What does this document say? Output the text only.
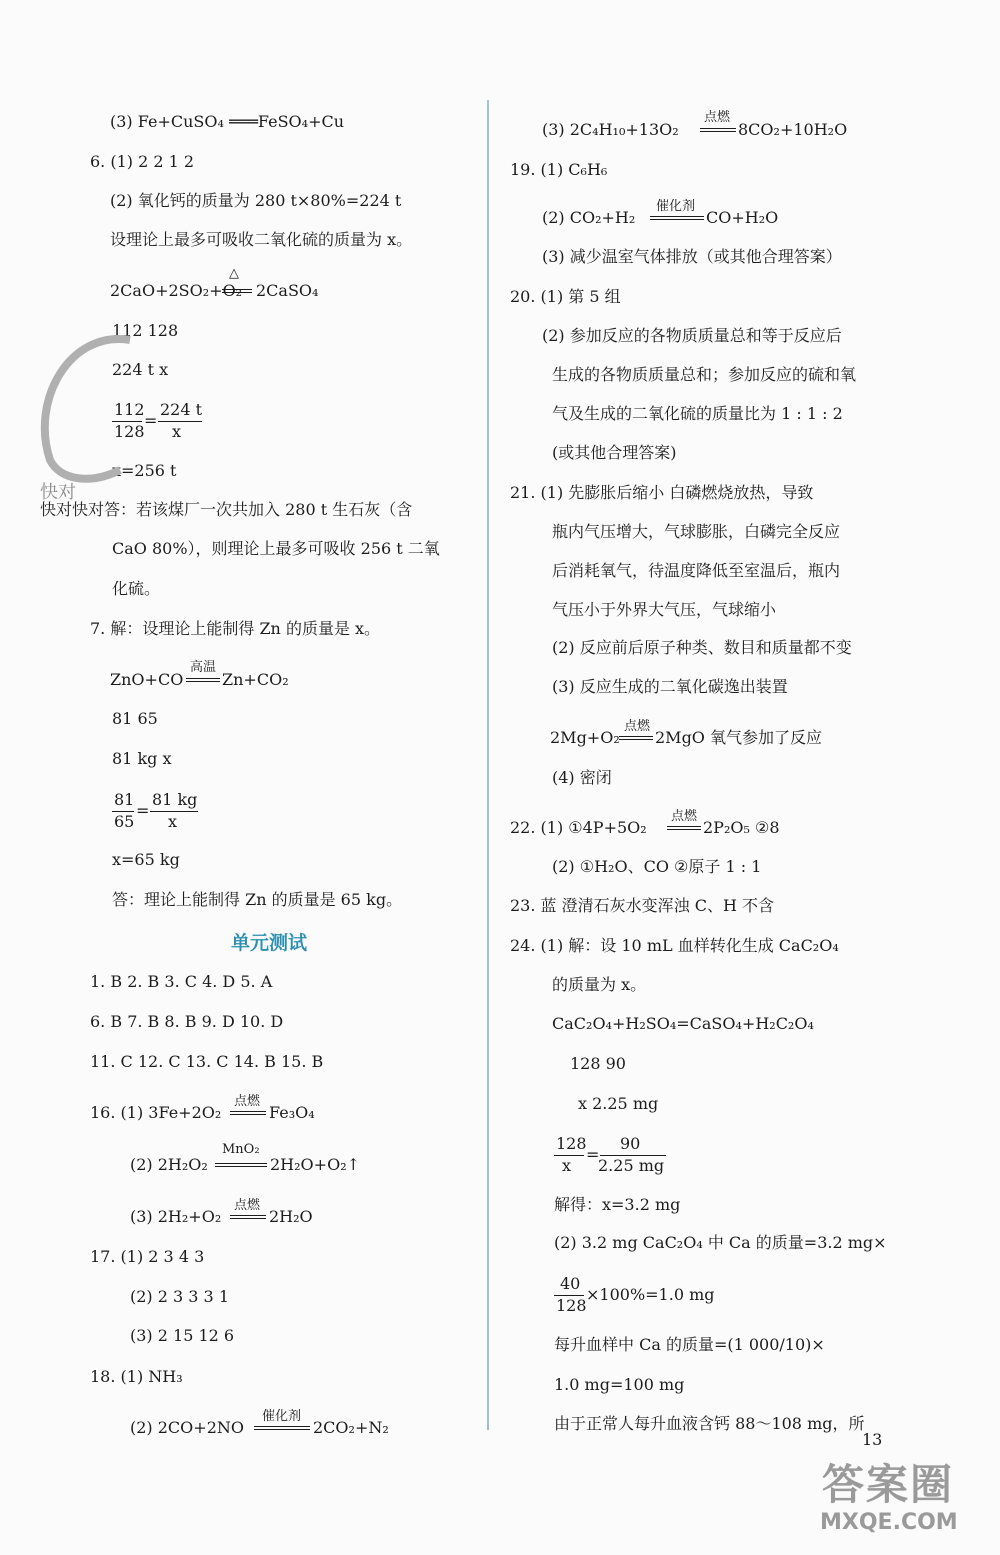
(3) Fe+CuSO₄ ═══FeSO₄+Cu
6. (1) 2 2 1 2
(2) 氧化钙的质量为 280 t×80%=224 t
设理论上最多可吸收二氧化硫的质量为 x。
2CaO+2SO₂+O₂
△
2CaSO₄
112 128
224 t x
112
128
=
224 t
x
x=256 t
快对快对答：若该煤厂一次共加入 280 t 生石灰（含
CaO 80%），则理论上最多可吸收 256 t 二氧
化硫。
7. 解：设理论上能制得 Zn 的质量是 x。
ZnO+CO
高温
Zn+CO₂
81 65
81 kg x
81
65
=
81 kg
x
x=65 kg
答：理论上能制得 Zn 的质量是 65 kg。
单元测试
1. B 2. B 3. C 4. D 5. A
6. B 7. B 8. B 9. D 10. D
11. C 12. C 13. C 14. B 15. B
16. (1) 3Fe+2O₂
点燃
Fe₃O₄
(2) 2H₂O₂
MnO₂
2H₂O+O₂↑
(3) 2H₂+O₂
点燃
2H₂O
17. (1) 2 3 4 3
(2) 2 3 3 3 1
(3) 2 15 12 6
18. (1) NH₃
(2) 2CO+2NO
催化剂
2CO₂+N₂
(3) 2C₄H₁₀+13O₂
点燃
8CO₂+10H₂O
19. (1) C₆H₆
(2) CO₂+H₂
催化剂
CO+H₂O
(3) 减少温室气体排放（或其他合理答案）
20. (1) 第 5 组
(2) 参加反应的各物质质量总和等于反应后
生成的各物质质量总和；参加反应的硫和氧
气及生成的二氧化硫的质量比为 1 : 1 : 2
(或其他合理答案)
21. (1) 先膨胀后缩小 白磷燃烧放热，导致
瓶内气压增大，气球膨胀，白磷完全反应
后消耗氧气，待温度降低至室温后，瓶内
气压小于外界大气压，气球缩小
(2) 反应前后原子种类、数目和质量都不变
(3) 反应生成的二氧化碳逸出装置
2Mg+O₂
点燃
2MgO 氧气参加了反应
(4) 密闭
22. (1) ①4P+5O₂
点燃
2P₂O₅ ②8
(2) ①H₂O、CO ②原子 1 : 1
23. 蓝 澄清石灰水变浑浊 C、H 不含
24. (1) 解：设 10 mL 血样转化生成 CaC₂O₄
的质量为 x。
CaC₂O₄+H₂SO₄=CaSO₄+H₂C₂O₄
128 90
x 2.25 mg
128
x
=
90
2.25 mg
解得：x=3.2 mg
(2) 3.2 mg CaC₂O₄ 中 Ca 的质量=3.2 mg×
40
128
×100%=1.0 mg
每升血样中 Ca 的质量=(1 000/10)×
1.0 mg=100 mg
由于正常人每升血液含钙 88～108 mg，所
13
快对
答案圈
MXQE.COM
